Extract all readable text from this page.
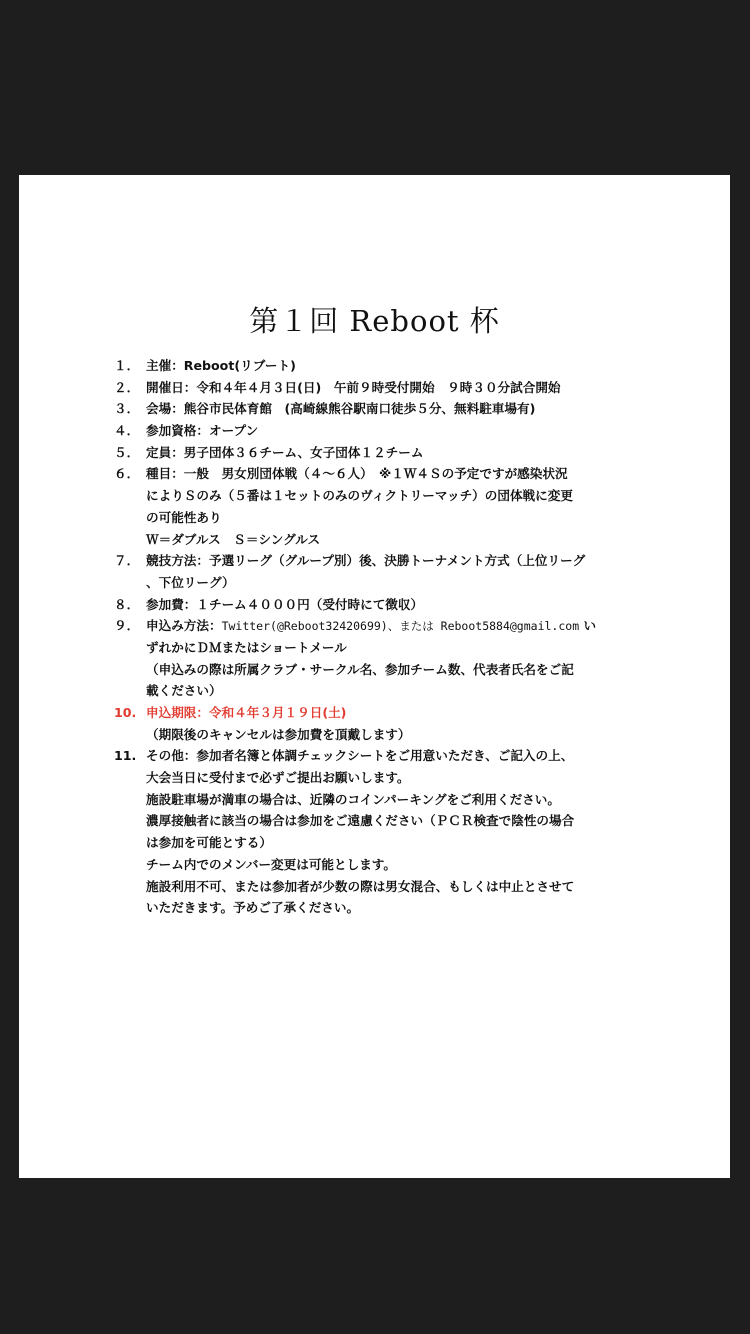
第１回 Reboot 杯
１． 主催：Reboot(リブート)
２． 開催日：令和４年４月３日(日)　午前９時受付開始　９時３０分試合開始
３． 会場：熊谷市民体育館　(高崎線熊谷駅南口徒歩５分、無料駐車場有)
４． 参加資格：オープン
５． 定員：男子団体３６チーム、女子団体１２チーム
６． 種目：一般　男女別団体戦（４～６人）　※１Ｗ４Ｓの予定ですが感染状況
によりＳのみ（５番は１セットのみのヴィクトリーマッチ）の団体戦に変更
の可能性あり
Ｗ＝ダブルス　Ｓ＝シングルス
７． 競技方法：予選リーグ（グループ別）後、決勝トーナメント方式（上位リーグ
、下位リーグ）
８． 参加費：１チーム４０００円（受付時にて徴収）
９． 申込み方法：Twitter(@Reboot32420699)、または Reboot5884@gmail.com い
ずれかにＤＭまたはショートメール
（申込みの際は所属クラブ・サークル名、参加チーム数、代表者氏名をご記
載ください）
10. 申込期限：令和４年３月１９日(土)
（期限後のキャンセルは参加費を頂戴します）
11. その他：参加者名簿と体調チェックシートをご用意いただき、ご記入の上、
大会当日に受付まで必ずご提出お願いします。
施設駐車場が満車の場合は、近隣のコインパーキングをご利用ください。
濃厚接触者に該当の場合は参加をご遠慮ください（ＰＣＲ検査で陰性の場合
は参加を可能とする）
チーム内でのメンバー変更は可能とします。
施設利用不可、または参加者が少数の際は男女混合、もしくは中止とさせて
いただきます。予めご了承ください。
